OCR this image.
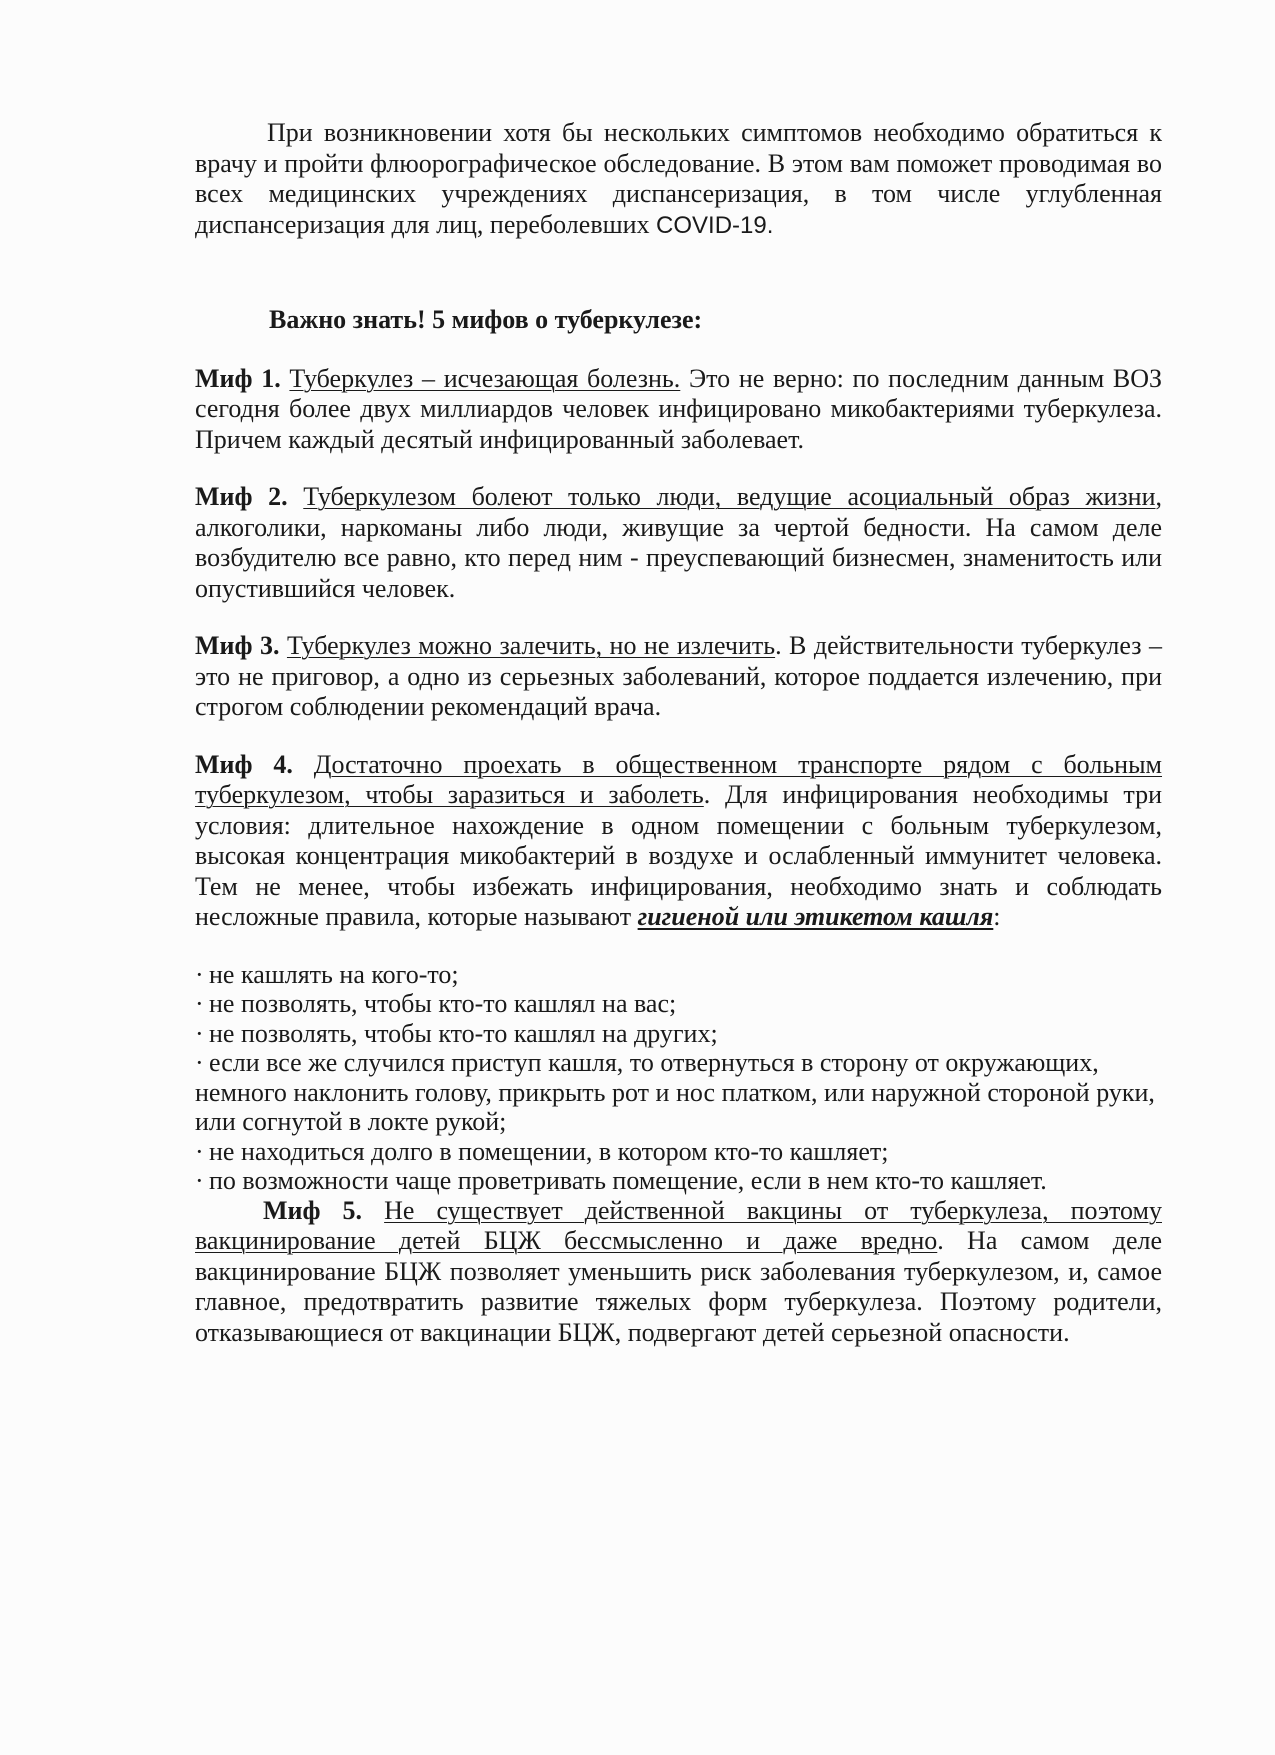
При возникновении хотя бы нескольких симптомов необходимо обратиться к врачу и пройти флюорографическое обследование. В этом вам поможет проводимая во всех медицинских учреждениях диспансеризация, в том числе углубленная диспансеризация для лиц, переболевших COVID-19.

Важно знать! 5 мифов о туберкулезе:

Миф 1. Туберкулез – исчезающая болезнь. Это не верно: по последним данным ВОЗ сегодня более двух миллиардов человек инфицировано микобактериями туберкулеза. Причем каждый десятый инфицированный заболевает.

Миф 2. Туберкулезом болеют только люди, ведущие асоциальный образ жизни, алкоголики, наркоманы либо люди, живущие за чертой бедности. На самом деле возбудителю все равно, кто перед ним - преуспевающий бизнесмен, знаменитость или опустившийся человек.

Миф 3. Туберкулез можно залечить, но не излечить. В действительности туберкулез – это не приговор, а одно из серьезных заболеваний, которое поддается излечению, при строгом соблюдении рекомендаций врача.

Миф 4. Достаточно проехать в общественном транспорте рядом с больным туберкулезом, чтобы заразиться и заболеть. Для инфицирования необходимы три условия: длительное нахождение в одном помещении с больным туберкулезом, высокая концентрация микобактерий в воздухе и ослабленный иммунитет человека. Тем не менее, чтобы избежать инфицирования, необходимо знать и соблюдать несложные правила, которые называют гигиеной или этикетом кашля:

· не кашлять на кого-то;
· не позволять, чтобы кто-то кашлял на вас;
· не позволять, чтобы кто-то кашлял на других;
· если все же случился приступ кашля, то отвернуться в сторону от окружающих, немного наклонить голову, прикрыть рот и нос платком, или наружной стороной руки, или согнутой в локте рукой;
· не находиться долго в помещении, в котором кто-то кашляет;
· по возможности чаще проветривать помещение, если в нем кто-то кашляет.

Миф 5. Не существует действенной вакцины от туберкулеза, поэтому вакцинирование детей БЦЖ бессмысленно и даже вредно. На самом деле вакцинирование БЦЖ позволяет уменьшить риск заболевания туберкулезом, и, самое главное, предотвратить развитие тяжелых форм туберкулеза. Поэтому родители, отказывающиеся от вакцинации БЦЖ, подвергают детей серьезной опасности.
